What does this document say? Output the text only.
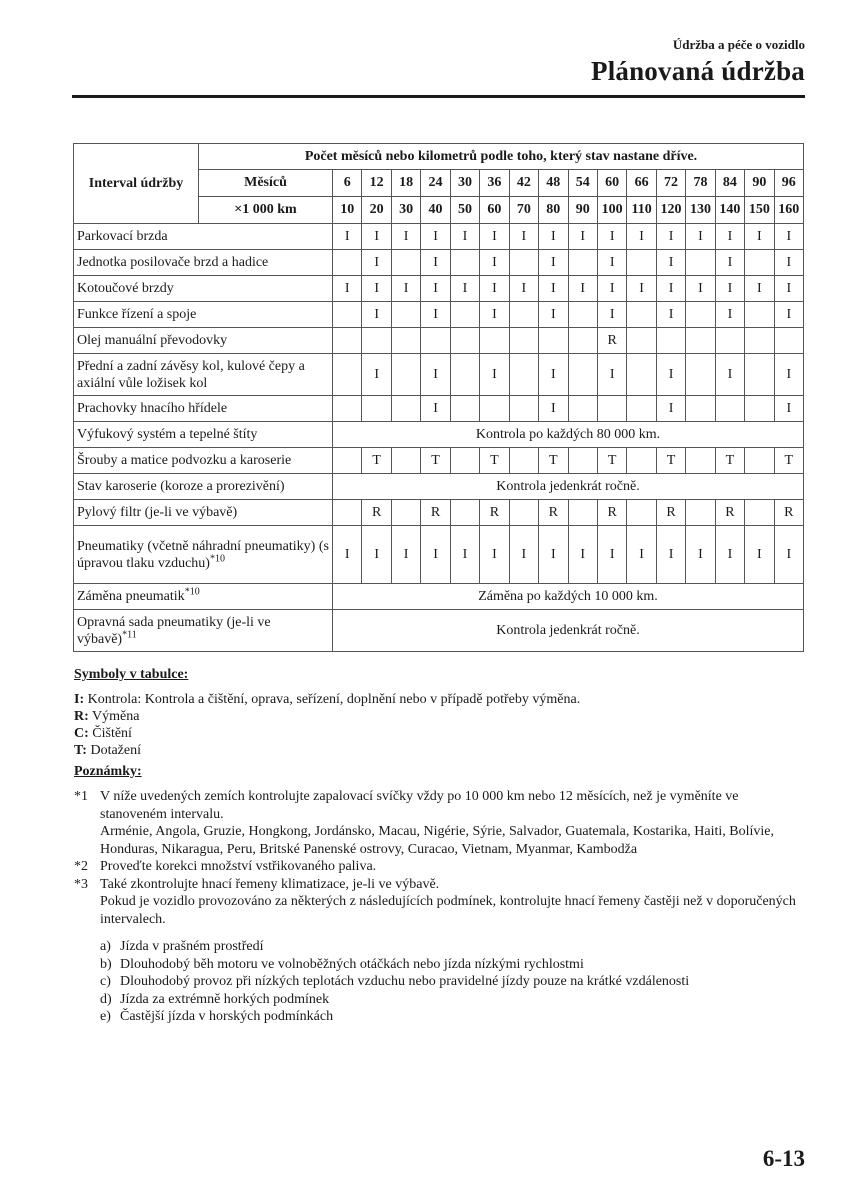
Údržba a péče o vozidlo
Plánovaná údržba
Interval údržby	Počet měsíců nebo kilometrů podle toho, který stav nastane dříve.																
	Měsíců	6	12	18	24	30	36	42	48	54	60	66	72	78	84	90	96
	×1 000 km	10	20	30	40	50	60	70	80	90	100	110	120	130	140	150	160
Parkovací brzda		I	I	I	I	I	I	I	I	I	I	I	I	I	I	I	I
Jednotka posilovače brzd a hadice			I		I		I		I		I		I		I		I
Kotoučové brzdy		I	I	I	I	I	I	I	I	I	I	I	I	I	I	I	I
Funkce řízení a spoje			I		I		I		I		I		I		I		I
Olej manuální převodovky											R						
Přední a zadní závěsy kol, kulové čepy a axiální vůle ložisek kol			I		I		I		I		I		I		I		I
Prachovky hnacího hřídele					I				I				I				I
Výfukový systém a tepelné štíty		Kontrola po každých 80 000 km.															
Šrouby a matice podvozku a karoserie			T		T		T		T		T		T		T		T
Stav karoserie (koroze a prorezivění)		Kontrola jedenkrát ročně.															
Pylový filtr (je-li ve výbavě)			R		R		R		R		R		R		R		R
Pneumatiky (včetně náhradní pneumatiky) (s úpravou tlaku vzduchu)$^{*10}$		I	I	I	I	I	I	I	I	I	I	I	I	I	I	I	I
Záměna pneumatik$^{*10}$		Záměna po každých 10 000 km.															
Opravná sada pneumatiky (je-li ve výbavě)$^{*11}$		Kontrola jedenkrát ročně.															
Symboly v tabulce:
I: Kontrola: Kontrola a čištění, oprava, seřízení, doplnění nebo v případě potřeby výměna.
R: Výměna
C: Čištění
T: Dotažení
Poznámky:
*1 V níže uvedených zemích kontrolujte zapalovací svíčky vždy po 10 000 km nebo 12 měsících, než je vyměníte ve stanoveném intervalu.

Arménie, Angola, Gruzie, Hongkong, Jordánsko, Macau, Nigérie, Sýrie, Salvador, Guatemala, Kostarika, Haiti, Bolívie, Honduras, Nikaragua, Peru, Britské Panenské ostrovy, Curacao, Vietnam, Myanmar, Kambodža

*2 Proveďte korekci množství vstřikovaného paliva.

*3 Také zkontrolujte hnací řemeny klimatizace, je-li ve výbavě.

Pokud je vozidlo provozováno za některých z následujících podmínek, kontrolujte hnací řemeny častěji než v doporučených intervalech.

a) Jízda v prašném prostředí
b) Dlouhodobý běh motoru ve volnoběžných otáčkách nebo jízda nízkými rychlostmi
c) Dlouhodobý provoz při nízkých teplotách vzduchu nebo pravidelné jízdy pouze na krátké vzdálenosti
d) Jízda za extrémně horkých podmínek
e) Častější jízda v horských podmínkách
6-13
